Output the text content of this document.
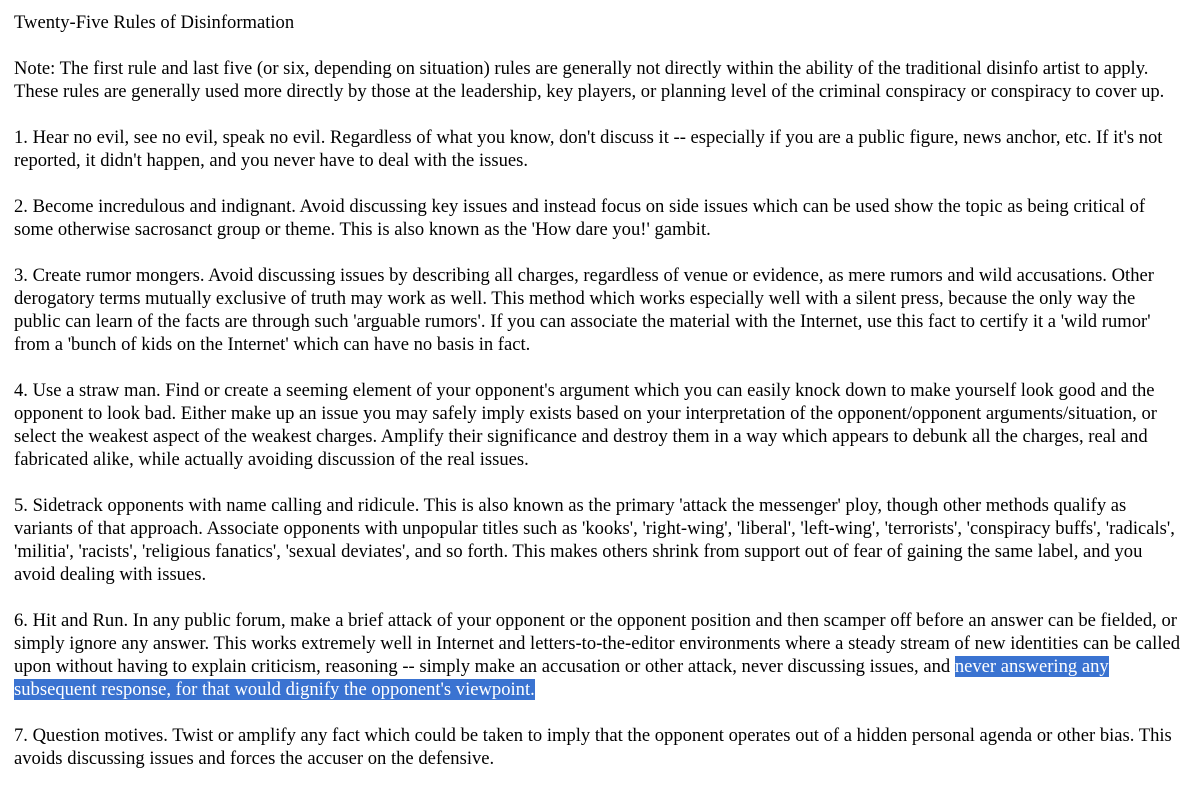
Twenty-Five Rules of Disinformation
Note: The first rule and last five (or six, depending on situation) rules are generally not directly within the ability of the traditional disinfo artist to apply. These rules are generally used more directly by those at the leadership, key players, or planning level of the criminal conspiracy or conspiracy to cover up.
1. Hear no evil, see no evil, speak no evil. Regardless of what you know, don't discuss it -- especially if you are a public figure, news anchor, etc. If it's not reported, it didn't happen, and you never have to deal with the issues.
2. Become incredulous and indignant. Avoid discussing key issues and instead focus on side issues which can be used show the topic as being critical of some otherwise sacrosanct group or theme. This is also known as the 'How dare you!' gambit.
3. Create rumor mongers. Avoid discussing issues by describing all charges, regardless of venue or evidence, as mere rumors and wild accusations. Other derogatory terms mutually exclusive of truth may work as well. This method which works especially well with a silent press, because the only way the public can learn of the facts are through such 'arguable rumors'. If you can associate the material with the Internet, use this fact to certify it a 'wild rumor' from a 'bunch of kids on the Internet' which can have no basis in fact.
4. Use a straw man. Find or create a seeming element of your opponent's argument which you can easily knock down to make yourself look good and the opponent to look bad. Either make up an issue you may safely imply exists based on your interpretation of the opponent/opponent arguments/situation, or select the weakest aspect of the weakest charges. Amplify their significance and destroy them in a way which appears to debunk all the charges, real and fabricated alike, while actually avoiding discussion of the real issues.
5. Sidetrack opponents with name calling and ridicule. This is also known as the primary 'attack the messenger' ploy, though other methods qualify as variants of that approach. Associate opponents with unpopular titles such as 'kooks', 'right-wing', 'liberal', 'left-wing', 'terrorists', 'conspiracy buffs', 'radicals', 'militia', 'racists', 'religious fanatics', 'sexual deviates', and so forth. This makes others shrink from support out of fear of gaining the same label, and you avoid dealing with issues.
6. Hit and Run. In any public forum, make a brief attack of your opponent or the opponent position and then scamper off before an answer can be fielded, or simply ignore any answer. This works extremely well in Internet and letters-to-the-editor environments where a steady stream of new identities can be called upon without having to explain criticism, reasoning -- simply make an accusation or other attack, never discussing issues, and never answering any subsequent response, for that would dignify the opponent's viewpoint.
7. Question motives. Twist or amplify any fact which could be taken to imply that the opponent operates out of a hidden personal agenda or other bias. This avoids discussing issues and forces the accuser on the defensive.
